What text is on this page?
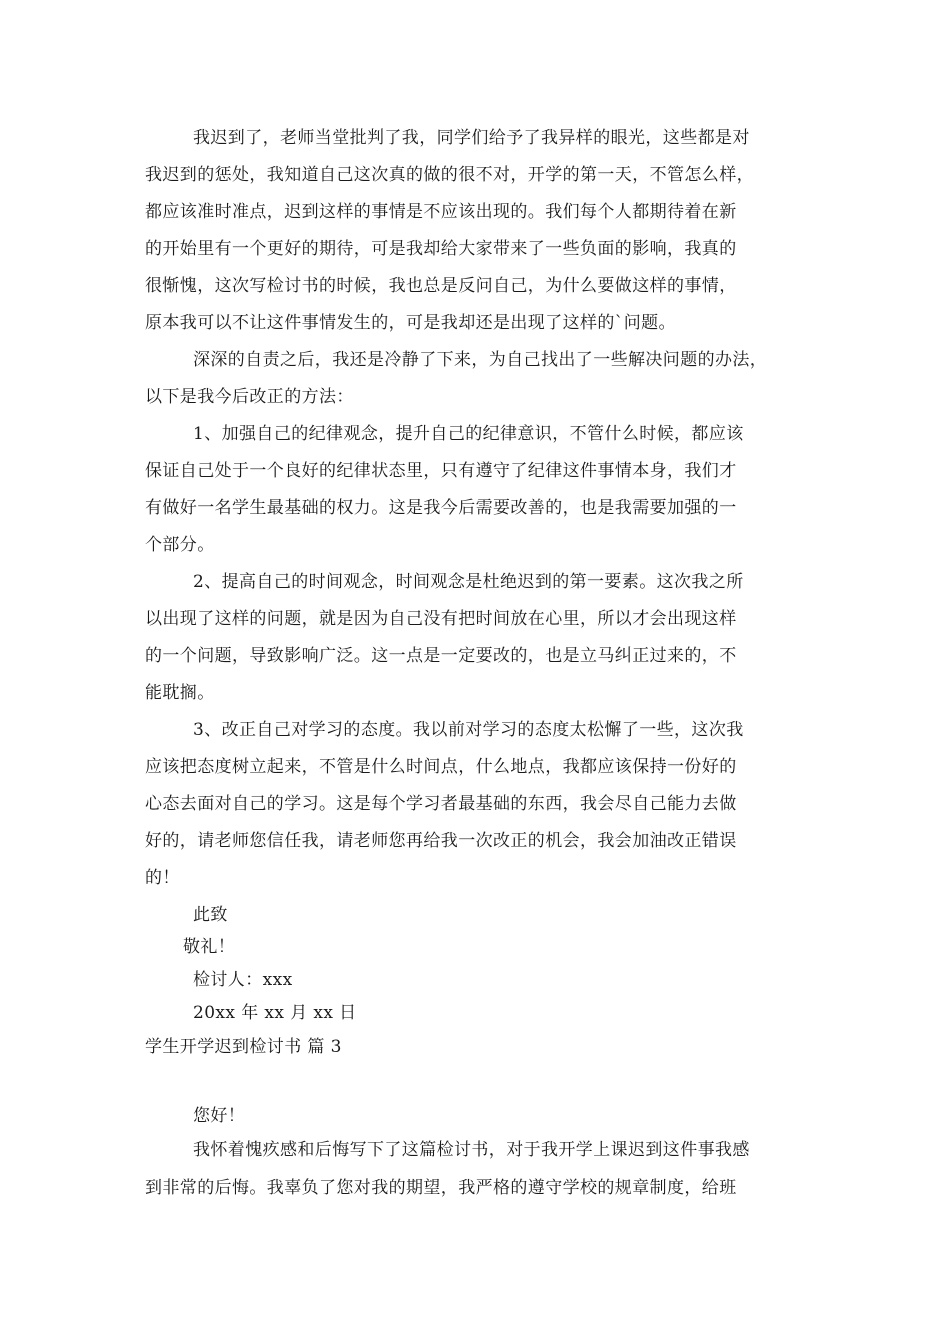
我迟到了，老师当堂批判了我，同学们给予了我异样的眼光，这些都是对
我迟到的惩处，我知道自己这次真的做的很不对，开学的第一天，不管怎么样，
都应该准时准点，迟到这样的事情是不应该出现的。我们每个人都期待着在新
的开始里有一个更好的期待，可是我却给大家带来了一些负面的影响，我真的
很惭愧，这次写检讨书的时候，我也总是反问自己，为什么要做这样的事情，
原本我可以不让这件事情发生的，可是我却还是出现了这样的`问题。
深深的自责之后，我还是冷静了下来，为自己找出了一些解决问题的办法，
以下是我今后改正的方法：
1、加强自己的纪律观念，提升自己的纪律意识，不管什么时候，都应该
保证自己处于一个良好的纪律状态里，只有遵守了纪律这件事情本身，我们才
有做好一名学生最基础的权力。这是我今后需要改善的，也是我需要加强的一
个部分。
2、提高自己的时间观念，时间观念是杜绝迟到的第一要素。这次我之所
以出现了这样的问题，就是因为自己没有把时间放在心里，所以才会出现这样
的一个问题，导致影响广泛。这一点是一定要改的，也是立马纠正过来的，不
能耽搁。
3、改正自己对学习的态度。我以前对学习的态度太松懈了一些，这次我
应该把态度树立起来，不管是什么时间点，什么地点，我都应该保持一份好的
心态去面对自己的学习。这是每个学习者最基础的东西，我会尽自己能力去做
好的，请老师您信任我，请老师您再给我一次改正的机会，我会加油改正错误
的！
此致
敬礼！
检讨人：xxx
20xx 年 xx 月 xx 日
学生开学迟到检讨书 篇 3
您好！
我怀着愧疚感和后悔写下了这篇检讨书，对于我开学上课迟到这件事我感
到非常的后悔。我辜负了您对我的期望，我严格的遵守学校的规章制度，给班
